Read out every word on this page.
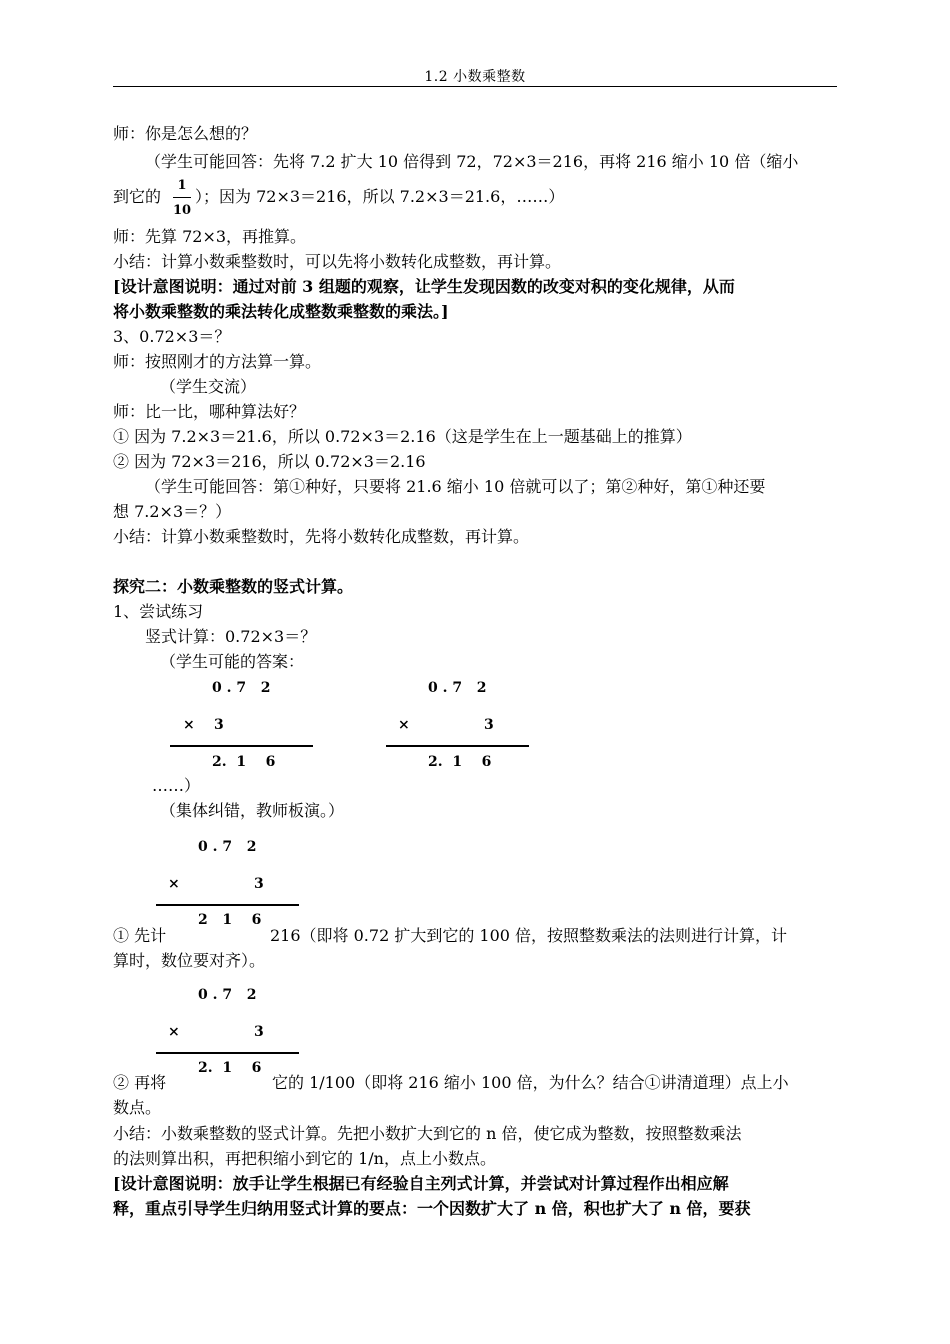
1.2 小数乘整数
师：你是怎么想的？
（学生可能回答：先将 7.2 扩大 10 倍得到 72，72×3＝216，再将 216 缩小 10 倍（缩小
到它的
1
10
）；因为 72×3＝216，所以 7.2×3＝21.6，……）
师：先算 72×3，再推算。
小结：计算小数乘整数时，可以先将小数转化成整数，再计算。
[设计意图说明：通过对前 3 组题的观察，让学生发现因数的改变对积的变化规律，从而
将小数乘整数的乘法转化成整数乘整数的乘法。]
3、0.72×3＝？
师：按照刚才的方法算一算。
（学生交流）
师：比一比，哪种算法好？
① 因为 7.2×3＝21.6，所以 0.72×3＝2.16（这是学生在上一题基础上的推算）
② 因为 72×3＝216，所以 0.72×3＝2.16
（学生可能回答：第①种好，只要将 21.6 缩小 10 倍就可以了；第②种好，第①种还要
想 7.2×3＝？）
小结：计算小数乘整数时，先将小数转化成整数，再计算。
探究二：小数乘整数的竖式计算。
1、尝试练习
竖式计算：0.72×3＝？
（学生可能的答案：
0 . 7   2
× 3
2.  1    6
0 . 7   2
×	3
2.  1    6
……）
（集体纠错，教师板演。）
0 . 7   2
×	3
① 先计
2   1    6
216（即将 0.72 扩大到它的 100 倍，按照整数乘法的法则进行计算，计
算时，数位要对齐）。
0 . 7   2
×	3
② 再将
2.  1    6
它的 1/100（即将 216 缩小 100 倍，为什么？结合①讲清道理）点上小
数点。
小结：小数乘整数的竖式计算。先把小数扩大到它的 n 倍，使它成为整数，按照整数乘法
的法则算出积，再把积缩小到它的 1/n，点上小数点。
[设计意图说明：放手让学生根据已有经验自主列式计算，并尝试对计算过程作出相应解
释，重点引导学生归纳用竖式计算的要点：一个因数扩大了 n 倍，积也扩大了 n 倍，要获
